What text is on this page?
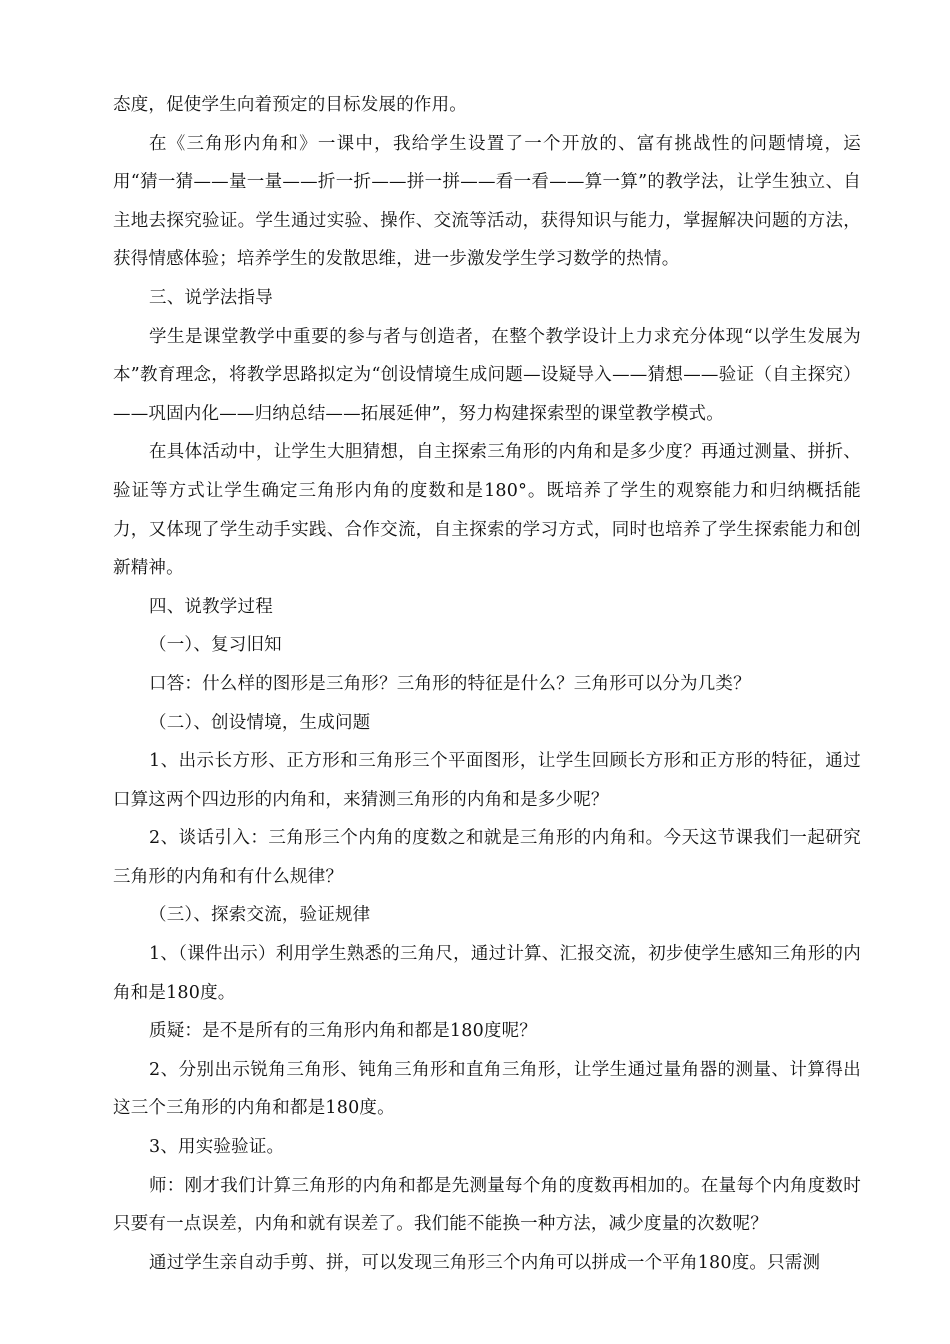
态度，促使学生向着预定的目标发展的作用。

在《三角形内角和》一课中，我给学生设置了一个开放的、富有挑战性的问题情境，运用“猜一猜——量一量——折一折——拼一拼——看一看——算一算”的教学法，让学生独立、自主地去探究验证。学生通过实验、操作、交流等活动，获得知识与能力，掌握解决问题的方法，获得情感体验；培养学生的发散思维，进一步激发学生学习数学的热情。

三、说学法指导

学生是课堂教学中重要的参与者与创造者，在整个教学设计上力求充分体现“以学生发展为本”教育理念，将教学思路拟定为“创设情境生成问题—设疑导入——猜想——验证（自主探究）——巩固内化——归纳总结——拓展延伸”，努力构建探索型的课堂教学模式。

在具体活动中，让学生大胆猜想，自主探索三角形的内角和是多少度？再通过测量、拼折、验证等方式让学生确定三角形内角的度数和是180°。既培养了学生的观察能力和归纳概括能力，又体现了学生动手实践、合作交流，自主探索的学习方式，同时也培养了学生探索能力和创新精神。

四、说教学过程

（一）、复习旧知

口答：什么样的图形是三角形？三角形的特征是什么？三角形可以分为几类？

（二）、创设情境，生成问题

1、出示长方形、正方形和三角形三个平面图形，让学生回顾长方形和正方形的特征，通过口算这两个四边形的内角和，来猜测三角形的内角和是多少呢？

2、谈话引入：三角形三个内角的度数之和就是三角形的内角和。今天这节课我们一起研究三角形的内角和有什么规律？

（三）、探索交流，验证规律

1、（课件出示）利用学生熟悉的三角尺，通过计算、汇报交流，初步使学生感知三角形的内角和是180度。

质疑：是不是所有的三角形内角和都是180度呢？

2、分别出示锐角三角形、钝角三角形和直角三角形，让学生通过量角器的测量、计算得出这三个三角形的内角和都是180度。

3、用实验验证。

师：刚才我们计算三角形的内角和都是先测量每个角的度数再相加的。在量每个内角度数时只要有一点误差，内角和就有误差了。我们能不能换一种方法，减少度量的次数呢？

通过学生亲自动手剪、拼，可以发现三角形三个内角可以拼成一个平角180度。只需测
